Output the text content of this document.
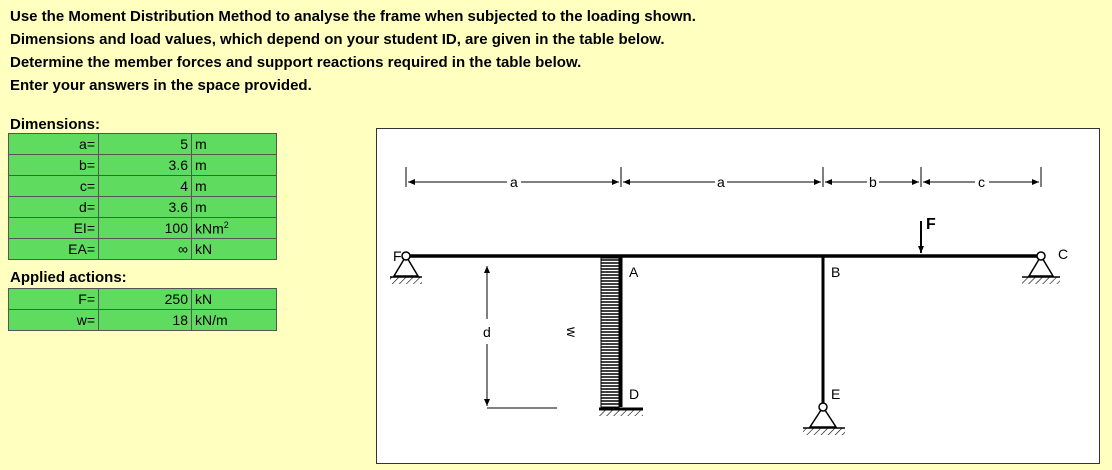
Use the Moment Distribution Method to analyse the frame when subjected to the loading shown.
Dimensions and load values, which depend on your student ID, are given in the table below.
Determine the member forces and support reactions required in the table below.
Enter your answers in the space provided.
Dimensions:
a=	5	m
b=	3.6	m
c=	4	m
d=	3.6	m
EI=	100	kNm$^2$
EA=	∞	kN
Applied actions:
F=	250	kN
w=	18	kN/m
a	a	b	c
d	w
F
F
A	B
C
D	E
